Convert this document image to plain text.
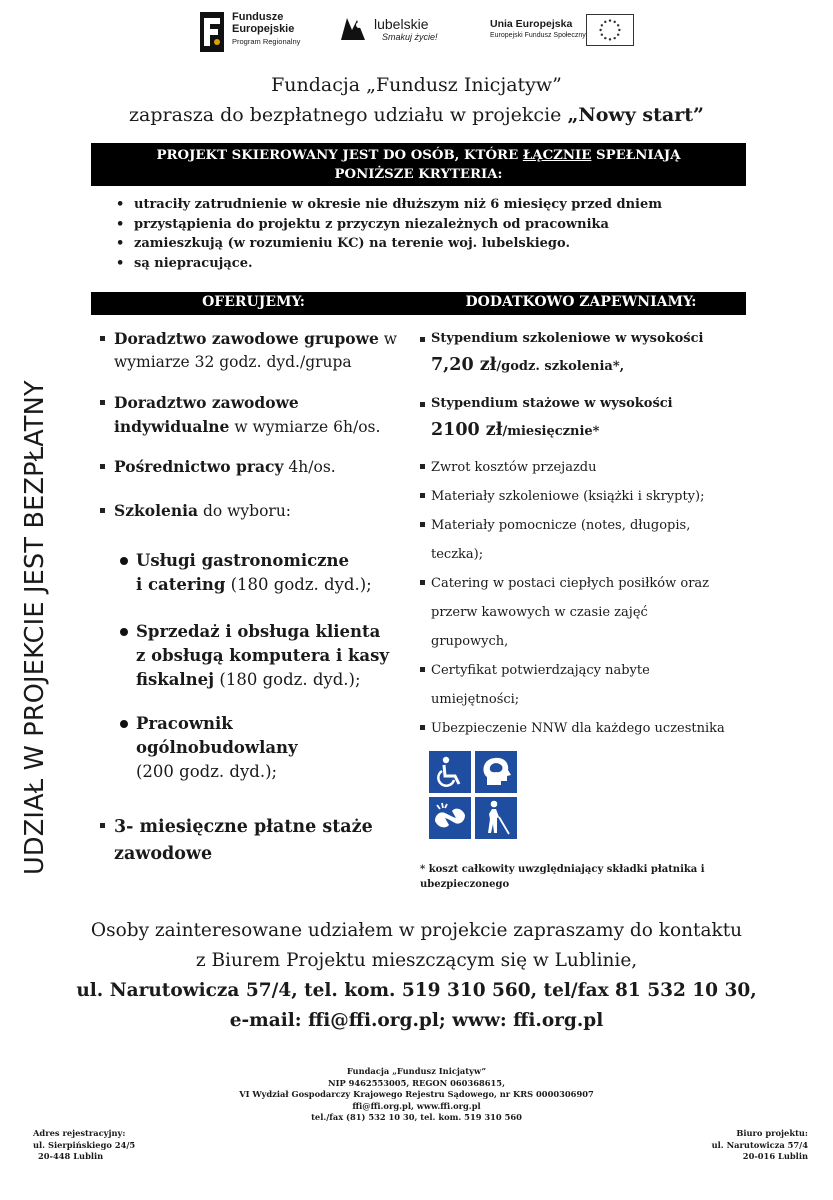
Fundusze
Europejskie
Program Regionalny
lubelskie
Smakuj życie!
Unia Europejska
Europejski Fundusz Społeczny
Fundacja „Fundusz Inicjatyw”
zaprasza do bezpłatnego udziału w projekcie „Nowy start”
PROJEKT SKIEROWANY JEST DO OSÓB, KTÓRE ŁĄCZNIE SPEŁNIAJĄ
PONIŻSZE KRYTERIA:
• utraciły zatrudnienie w okresie nie dłuższym niż 6 miesięcy przed dniem
• przystąpienia do projektu z przyczyn niezależnych od pracownika
• zamieszkują (w rozumieniu KC) na terenie woj. lubelskiego.
• są niepracujące.
UDZIAŁ W PROJEKCIE JEST BEZPŁATNY
OFERUJEMY:	DODATKOWO ZAPEWNIAMY:
Doradztwo zawodowe grupowe w
wymiarze 32 godz. dyd./grupa
Doradztwo zawodowe
indywidualne w wymiarze 6h/os.
Pośrednictwo pracy 4h/os.
Szkolenia do wyboru:
Usługi gastronomiczne
i catering (180 godz. dyd.);
Sprzedaż i obsługa klienta
z obsługą komputera i kasy
fiskalnej (180 godz. dyd.);
Pracownik
ogólnobudowlany
(200 godz. dyd.);
3- miesięczne płatne staże
zawodowe
Stypendium szkoleniowe w wysokości
7,20 zł/godz. szkolenia*,
Stypendium stażowe w wysokości
2100 zł/miesięcznie*
Zwrot kosztów przejazdu
Materiały szkoleniowe (książki i skrypty);
Materiały pomocnicze (notes, długopis,
teczka);
Catering w postaci ciepłych posiłków oraz
przerw kawowych w czasie zajęć
grupowych,
Certyfikat potwierdzający nabyte
umiejętności;
Ubezpieczenie NNW dla każdego uczestnika
* koszt całkowity uwzględniający składki płatnika i
ubezpieczonego
Osoby zainteresowane udziałem w projekcie zapraszamy do kontaktu
z Biurem Projektu mieszczącym się w Lublinie,
ul. Narutowicza 57/4, tel. kom. 519 310 560, tel/fax 81 532 10 30,
e-mail: ffi@ffi.org.pl; www: ffi.org.pl
Fundacja „Fundusz Inicjatyw”
NIP 9462553005, REGON 060368615,
VI Wydział Gospodarczy Krajowego Rejestru Sądowego, nr KRS 0000306907
ffi@ffi.org.pl, www.ffi.org.pl
tel./fax (81) 532 10 30, tel. kom. 519 310 560
Adres rejestracyjny:
ul. Sierpińskiego 24/5
20-448 Lublin
Biuro projektu:
ul. Narutowicza 57/4
20-016 Lublin
